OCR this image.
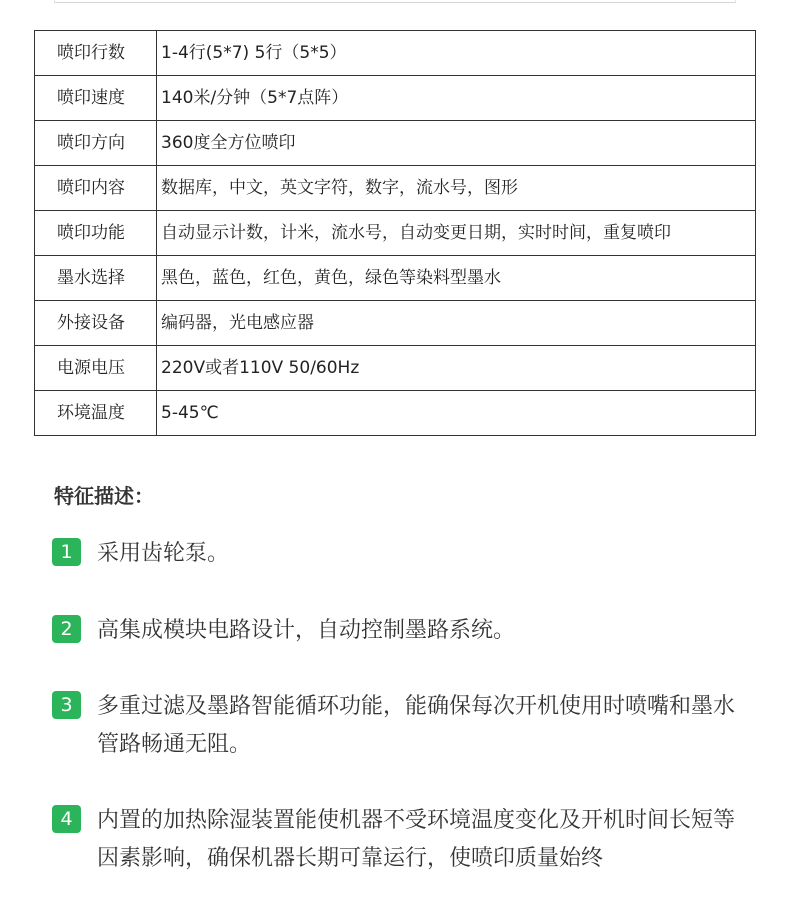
喷印行数	1-4行(5*7) 5行（5*5）
喷印速度	140米/分钟（5*7点阵）
喷印方向	360度全方位喷印
喷印内容	数据库，中文，英文字符，数字，流水号，图形
喷印功能	自动显示计数，计米，流水号，自动变更日期，实时时间，重复喷印
墨水选择	黑色，蓝色，红色，黄色，绿色等染料型墨水
外接设备	编码器，光电感应器
电源电压	220V或者110V 50/60Hz
环境温度	5-45℃
特征描述：
1	采用齿轮泵。
2	高集成模块电路设计，自动控制墨路系统。
3	多重过滤及墨路智能循环功能，能确保每次开机使用时喷嘴和墨水管路畅通无阻。
4	内置的加热除湿装置能使机器不受环境温度变化及开机时间长短等因素影响，确保机器长期可靠运行，使喷印质量始终
